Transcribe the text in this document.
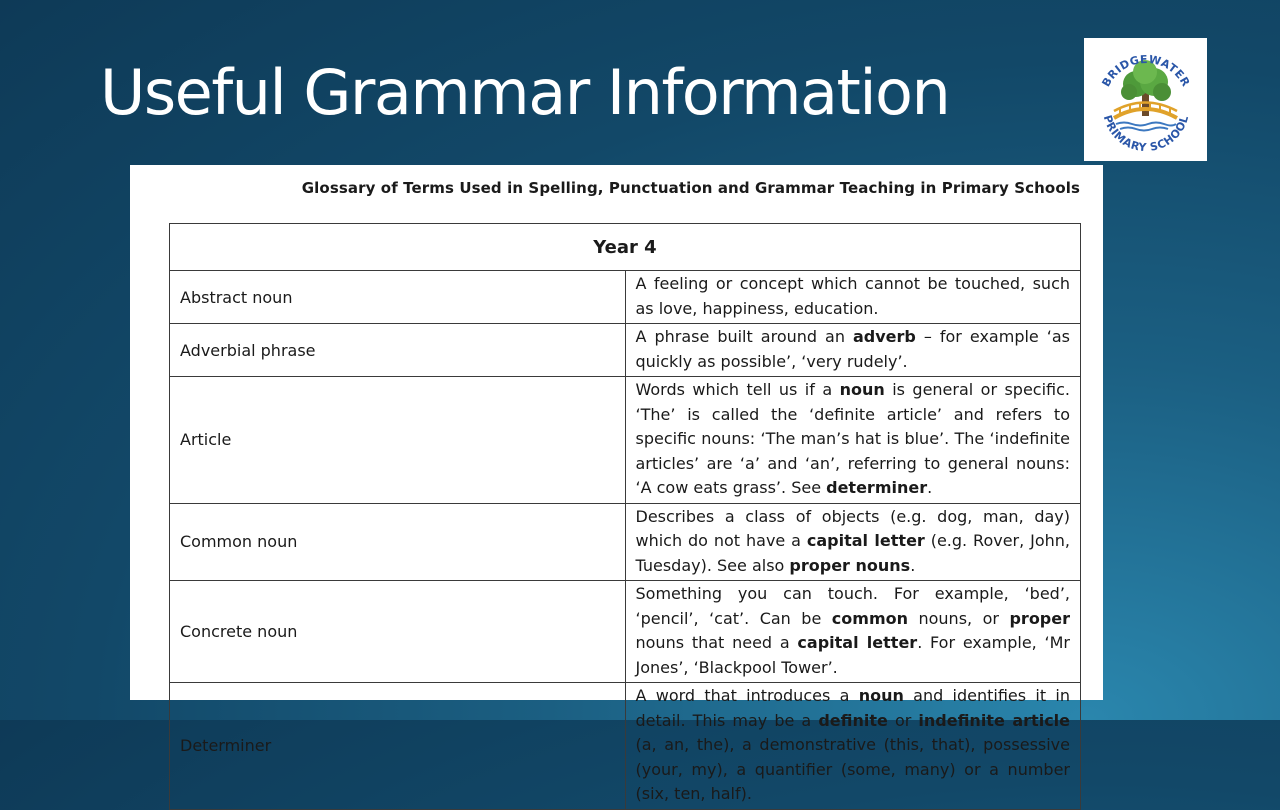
Useful Grammar Information	BRIDGEWATER
PRIMARY SCHOOL
Glossary of Terms Used in Spelling, Punctuation and Grammar Teaching in Primary Schools
Year 4	
Abstract noun	A feeling or concept which cannot be touched, such as love, happiness, education.
Adverbial phrase	A phrase built around an adverb – for example ‘as quickly as possible’, ‘very rudely’.
Article	Words which tell us if a noun is general or specific. ‘The’ is called the ‘definite article’ and refers to specific nouns: ‘The man’s hat is blue’. The ‘indefinite articles’ are ‘a’ and ‘an’, referring to general nouns: ‘A cow eats grass’. See determiner.
Common noun	Describes a class of objects (e.g. dog, man, day) which do not have a capital letter (e.g. Rover, John, Tuesday). See also proper nouns.
Concrete noun	Something you can touch. For example, ‘bed’, ‘pencil’, ‘cat’. Can be common nouns, or proper nouns that need a capital letter. For example, ‘Mr Jones’, ‘Blackpool Tower’.
Determiner	A word that introduces a noun and identifies it in detail. This may be a definite or indefinite article (a, an, the), a demonstrative (this, that), possessive (your, my), a quantifier (some, many) or a number (six, ten, half).
